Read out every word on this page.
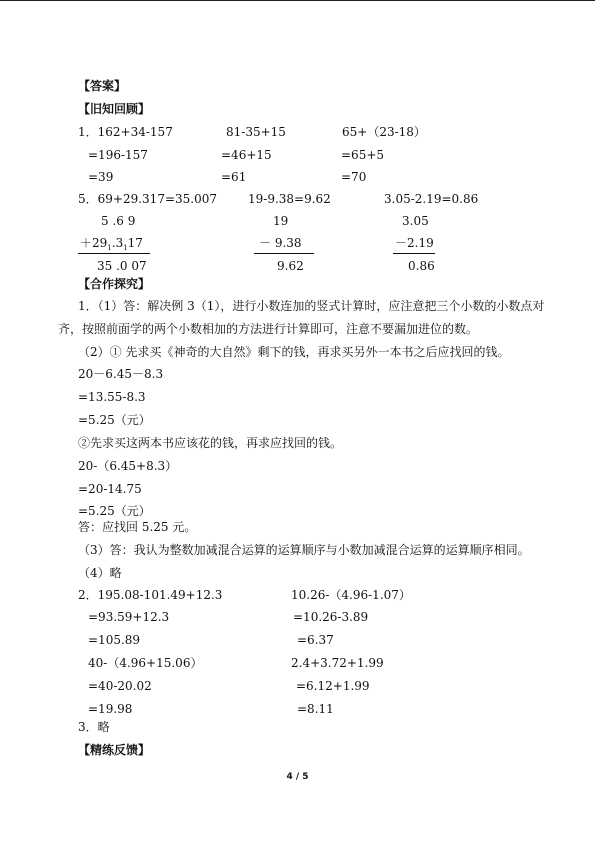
【答案】
【旧知回顾】
1．162+34-157	81-35+15	65+（23-18）
=196-157	=46+15	=65+5
=39	=61	=70
5．69+29.317=35.007	19-9.38=9.62	3.05-2.19=0.86
5 .6 9	19	3.05
$+29_1.3_117$	－ 9.38	－2.19
35 .0 07	9.62	0.86
【合作探究】
1．（1）答：解决例 3（1），进行小数连加的竖式计算时，应注意把三个小数的小数点对
齐，按照前面学的两个小数相加的方法进行计算即可，注意不要漏加进位的数。
（2）① 先求买《神奇的大自然》剩下的钱，再求买另外一本书之后应找回的钱。
20－6.45－8.3
=13.55-8.3
=5.25（元）
②先求买这两本书应该花的钱，再求应找回的钱。
20-（6.45+8.3）
=20-14.75
=5.25（元）
答：应找回 5.25 元。
（3）答：我认为整数加减混合运算的运算顺序与小数加减混合运算的运算顺序相同。
（4）略
2．195.08-101.49+12.3	10.26-（4.96-1.07）
=93.59+12.3	=10.26-3.89
=105.89	=6.37
40-（4.96+15.06）	2.4+3.72+1.99
=40-20.02	=6.12+1.99
=19.98	=8.11
3．略
【精练反馈】
4 / 5
